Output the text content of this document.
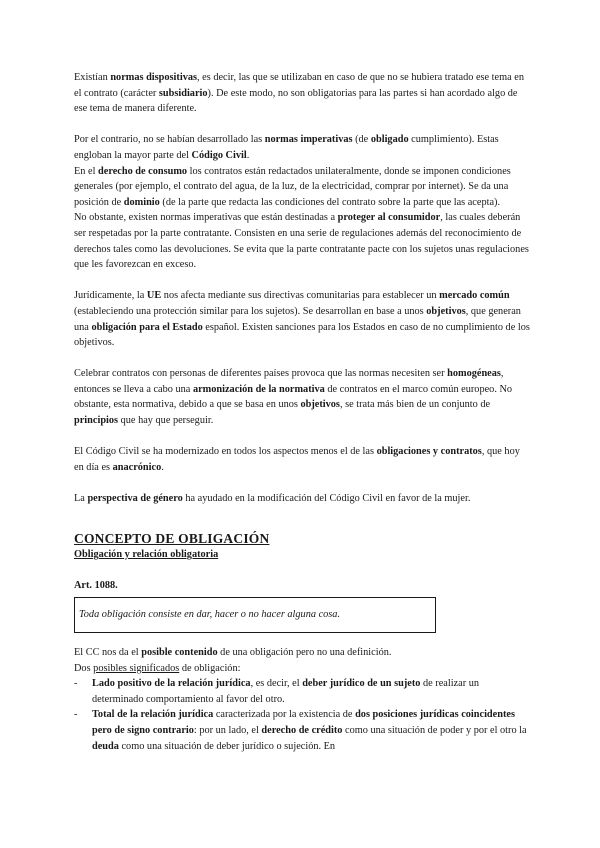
Existían normas dispositivas, es decir, las que se utilizaban en caso de que no se hubiera tratado ese tema en el contrato (carácter subsidiario). De este modo, no son obligatorias para las partes si han acordado algo de ese tema de manera diferente.

Por el contrario, no se habían desarrollado las normas imperativas (de obligado cumplimiento). Estas engloban la mayor parte del Código Civil.

En el derecho de consumo los contratos están redactados unilateralmente, donde se imponen condiciones generales (por ejemplo, el contrato del agua, de la luz, de la electricidad, comprar por internet). Se da una posición de dominio (de la parte que redacta las condiciones del contrato sobre la parte que las acepta).

No obstante, existen normas imperativas que están destinadas a proteger al consumidor, las cuales deberán ser respetadas por la parte contratante. Consisten en una serie de regulaciones además del reconocimiento de derechos tales como las devoluciones. Se evita que la parte contratante pacte con los sujetos unas regulaciones que les favorezcan en exceso.

Jurídicamente, la UE nos afecta mediante sus directivas comunitarias para establecer un mercado común (estableciendo una protección similar para los sujetos). Se desarrollan en base a unos objetivos, que generan una obligación para el Estado español. Existen sanciones para los Estados en caso de no cumplimiento de los objetivos.

Celebrar contratos con personas de diferentes países provoca que las normas necesiten ser homogéneas, entonces se lleva a cabo una armonización de la normativa de contratos en el marco común europeo. No obstante, esta normativa, debido a que se basa en unos objetivos, se trata más bien de un conjunto de principios que hay que perseguir.

El Código Civil se ha modernizado en todos los aspectos menos el de las obligaciones y contratos, que hoy en día es anacrónico.

La perspectiva de género ha ayudado en la modificación del Código Civil en favor de la mujer.

CONCEPTO DE OBLIGACIÓN

Obligación y relación obligatoria

Art. 1088.

Toda obligación consiste en dar, hacer o no hacer alguna cosa.

El CC nos da el posible contenido de una obligación pero no una definición.

Dos posibles significados de obligación:

- Lado positivo de la relación jurídica, es decir, el deber jurídico de un sujeto de realizar un determinado comportamiento al favor del otro.
- Total de la relación jurídica caracterizada por la existencia de dos posiciones jurídicas coincidentes pero de signo contrario: por un lado, el derecho de crédito como una situación de poder y por el otro la deuda como una situación de deber jurídico o sujeción. En
